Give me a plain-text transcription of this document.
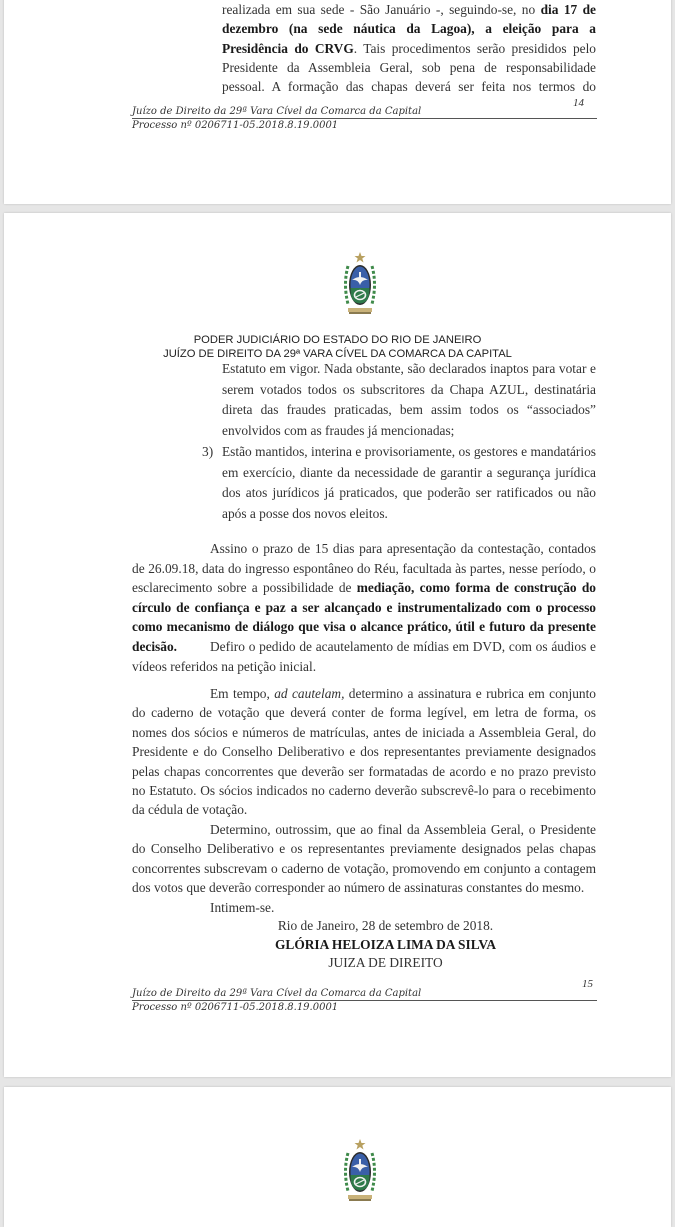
realizada em sua sede - São Januário -, seguindo-se, no dia 17 de
dezembro (na sede náutica da Lagoa), a eleição para a
Presidência do CRVG. Tais procedimentos serão presididos pelo
Presidente da Assembleia Geral, sob pena de responsabilidade
pessoal. A formação das chapas deverá ser feita nos termos do
14
Juízo de Direito da 29ª Vara Cível da Comarca da Capital
Processo nº 0206711-05.2018.8.19.0001
PODER JUDICIÁRIO DO ESTADO DO RIO DE JANEIRO
JUÍZO DE DIREITO DA 29ª VARA CÍVEL DA COMARCA DA CAPITAL
Estatuto em vigor. Nada obstante, são declarados inaptos para votar e serem votados todos os subscritores da Chapa AZUL, destinatária direta das fraudes praticadas, bem assim todos os “associados” envolvidos com as fraudes já mencionadas;
3) Estão mantidos, interina e provisoriamente, os gestores e mandatários em exercício, diante da necessidade de garantir a segurança jurídica dos atos jurídicos já praticados, que poderão ser ratificados ou não após a posse dos novos eleitos.
Assino o prazo de 15 dias para apresentação da contestação, contados de 26.09.18, data do ingresso espontâneo do Réu, facultada às partes, nesse período, o esclarecimento sobre a possibilidade de mediação, como forma de construção do círculo de confiança e paz a ser alcançado e instrumentalizado com o processo como mecanismo de diálogo que visa o alcance prático, útil e futuro da presente decisão.	Defiro o pedido de acautelamento de mídias em DVD, com os áudios e vídeos referidos na petição inicial.
Em tempo, ad cautelam, determino a assinatura e rubrica em conjunto do caderno de votação que deverá conter de forma legível, em letra de forma, os nomes dos sócios e números de matrículas, antes de iniciada a Assembleia Geral, do Presidente e do Conselho Deliberativo e dos representantes previamente designados pelas chapas concorrentes que deverão ser formatadas de acordo e no prazo previsto no Estatuto. Os sócios indicados no caderno deverão subscrevê-lo para o recebimento da cédula de votação.
Determino, outrossim, que ao final da Assembleia Geral, o Presidente do Conselho Deliberativo e os representantes previamente designados pelas chapas concorrentes subscrevam o caderno de votação, promovendo em conjunto a contagem dos votos que deverão corresponder ao número de assinaturas constantes do mesmo.
Intimem-se.
Rio de Janeiro, 28 de setembro de 2018.
GLÓRIA HELOIZA LIMA DA SILVA
JUIZA DE DIREITO
15
Juízo de Direito da 29ª Vara Cível da Comarca da Capital
Processo nº 0206711-05.2018.8.19.0001
